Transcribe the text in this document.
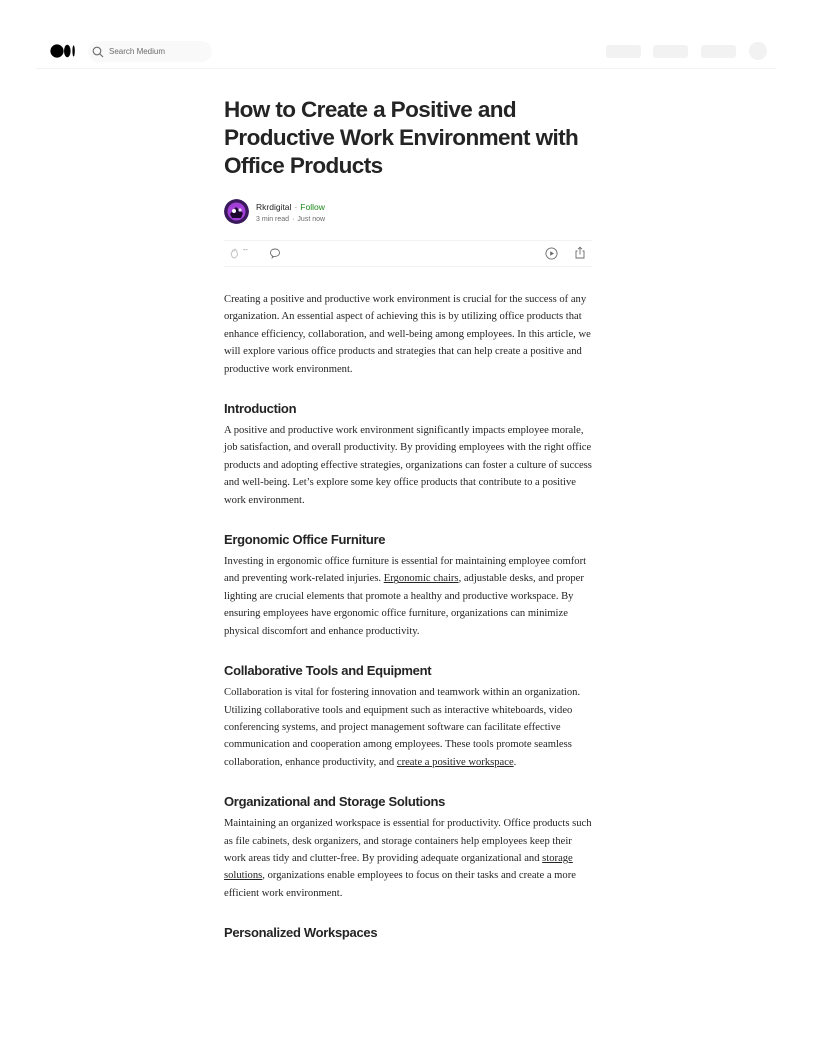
Search Medium
How to Create a Positive and Productive Work Environment with Office Products
Rkrdigital · Follow
3 min read · Just now
--

Creating a positive and productive work environment is crucial for the success of any organization. An essential aspect of achieving this is by utilizing office products that enhance efficiency, collaboration, and well-being among employees. In this article, we will explore various office products and strategies that can help create a positive and productive work environment.

Introduction

A positive and productive work environment significantly impacts employee morale, job satisfaction, and overall productivity. By providing employees with the right office products and adopting effective strategies, organizations can foster a culture of success and well-being. Let’s explore some key office products that contribute to a positive work environment.

Ergonomic Office Furniture

Investing in ergonomic office furniture is essential for maintaining employee comfort and preventing work-related injuries. Ergonomic chairs, adjustable desks, and proper lighting are crucial elements that promote a healthy and productive workspace. By ensuring employees have ergonomic office furniture, organizations can minimize physical discomfort and enhance productivity.

Collaborative Tools and Equipment

Collaboration is vital for fostering innovation and teamwork within an organization. Utilizing collaborative tools and equipment such as interactive whiteboards, video conferencing systems, and project management software can facilitate effective communication and cooperation among employees. These tools promote seamless collaboration, enhance productivity, and create a positive workspace.

Organizational and Storage Solutions

Maintaining an organized workspace is essential for productivity. Office products such as file cabinets, desk organizers, and storage containers help employees keep their work areas tidy and clutter-free. By providing adequate organizational and storage solutions, organizations enable employees to focus on their tasks and create a more efficient work environment.

Personalized Workspaces
